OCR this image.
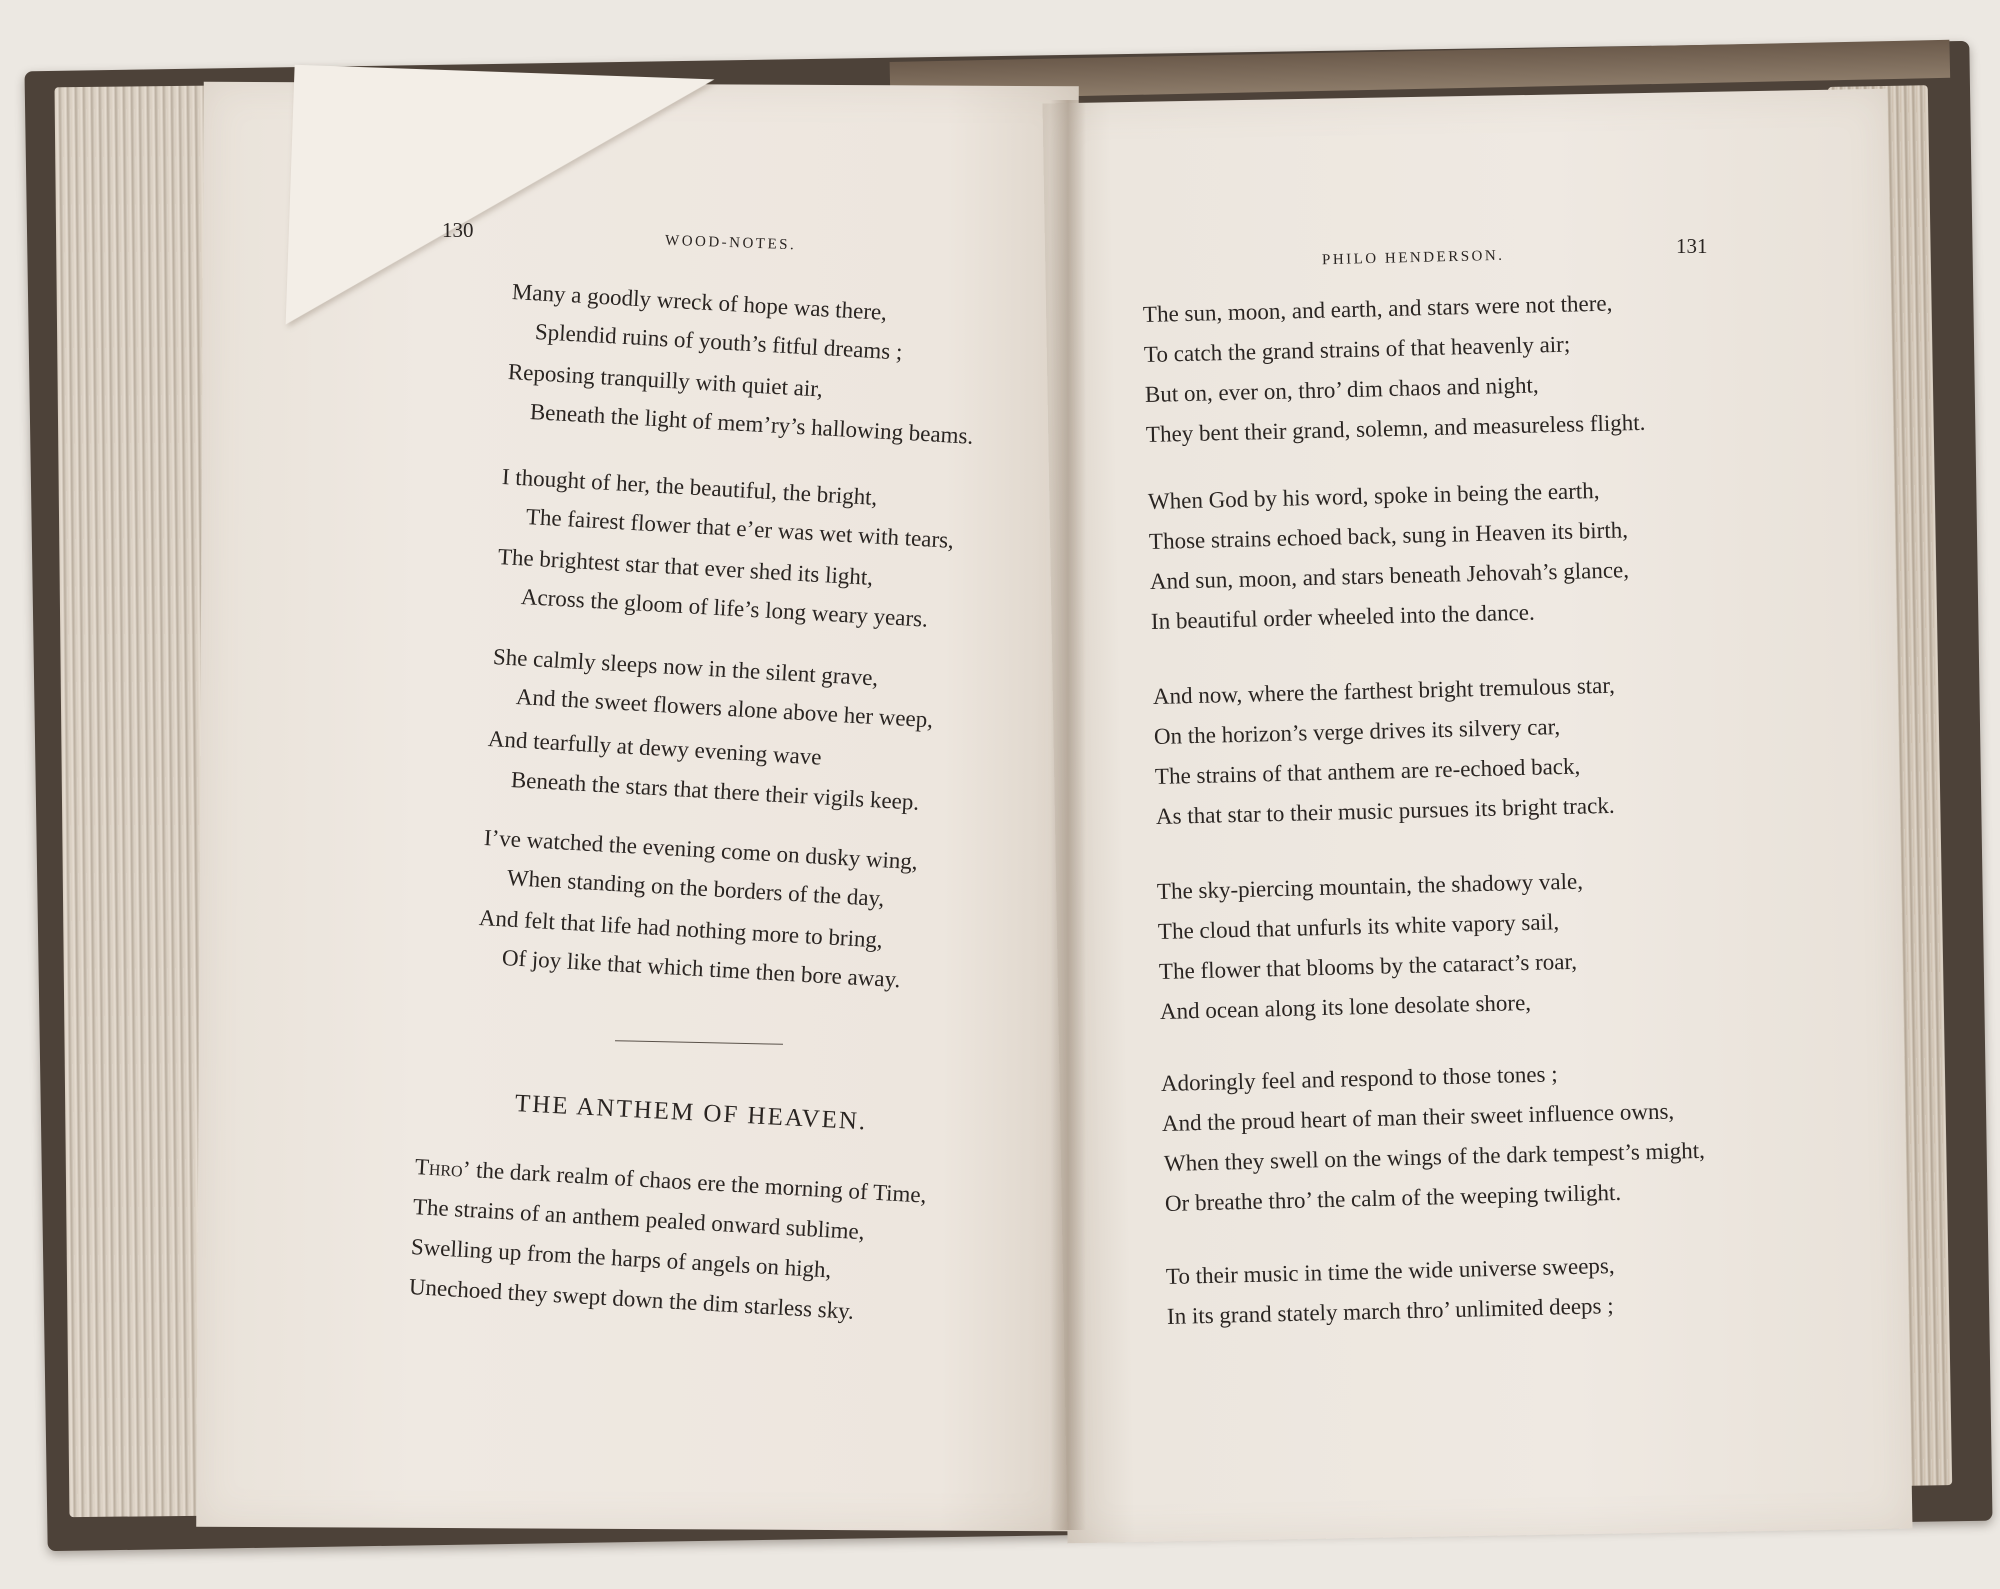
130
WOOD-NOTES.
Many a goodly wreck of hope was there,
Splendid ruins of youth’s fitful dreams ;
Reposing tranquilly with quiet air,
Beneath the light of mem’ry’s hallowing beams.
I thought of her, the beautiful, the bright,
The fairest flower that e’er was wet with tears,
The brightest star that ever shed its light,
Across the gloom of life’s long weary years.
She calmly sleeps now in the silent grave,
And the sweet flowers alone above her weep,
And tearfully at dewy evening wave
Beneath the stars that there their vigils keep.
I’ve watched the evening come on dusky wing,
When standing on the borders of the day,
And felt that life had nothing more to bring,
Of joy like that which time then bore away.
THE ANTHEM OF HEAVEN.
Thro’ the dark realm of chaos ere the morning of Time,
The strains of an anthem pealed onward sublime,
Swelling up from the harps of angels on high,
Unechoed they swept down the dim starless sky.
PHILO HENDERSON.
131
The sun, moon, and earth, and stars were not there,
To catch the grand strains of that heavenly air;
But on, ever on, thro’ dim chaos and night,
They bent their grand, solemn, and measureless flight.
When God by his word, spoke in being the earth,
Those strains echoed back, sung in Heaven its birth,
And sun, moon, and stars beneath Jehovah’s glance,
In beautiful order wheeled into the dance.
And now, where the farthest bright tremulous star,
On the horizon’s verge drives its silvery car,
The strains of that anthem are re-echoed back,
As that star to their music pursues its bright track.
The sky-piercing mountain, the shadowy vale,
The cloud that unfurls its white vapory sail,
The flower that blooms by the cataract’s roar,
And ocean along its lone desolate shore,
Adoringly feel and respond to those tones ;
And the proud heart of man their sweet influence owns,
When they swell on the wings of the dark tempest’s might,
Or breathe thro’ the calm of the weeping twilight.
To their music in time the wide universe sweeps,
In its grand stately march thro’ unlimited deeps ;
